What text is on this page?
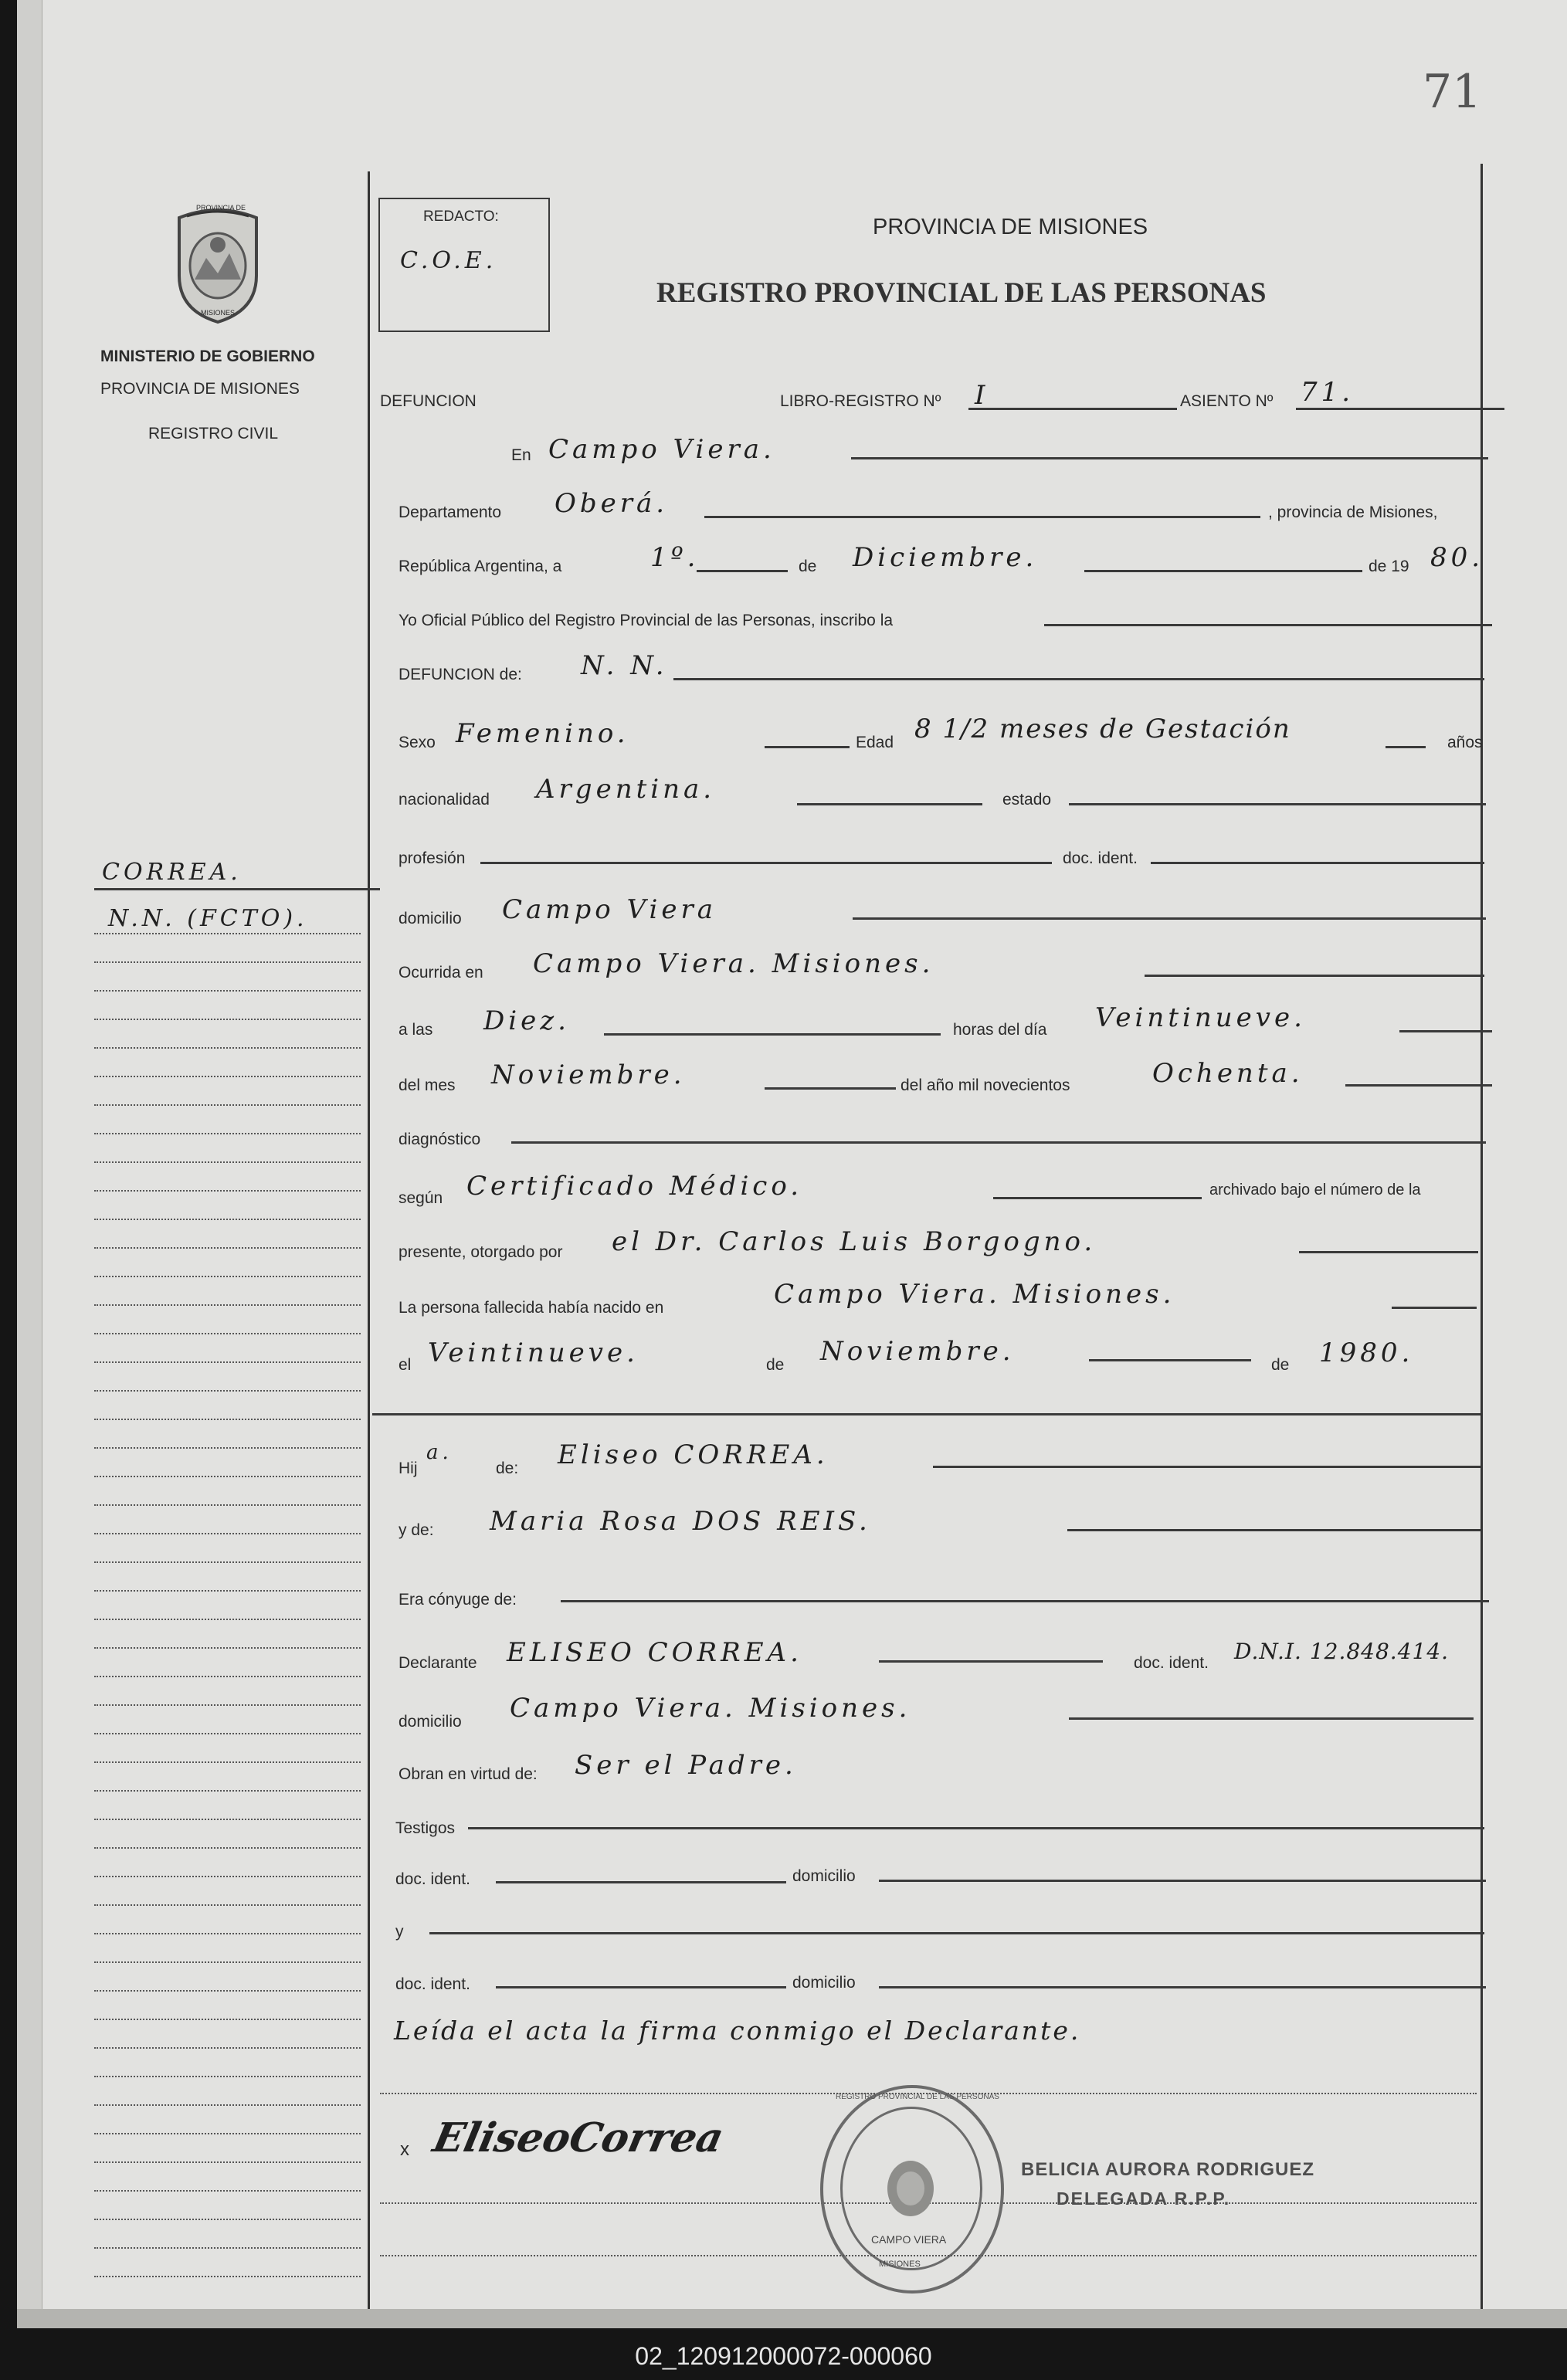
71
REDACTO:
C.O.E.
PROVINCIA DE MISIONES
REGISTRO PROVINCIAL DE LAS PERSONAS
PROVINCIA DE
MISIONES
MINISTERIO DE GOBIERNO
PROVINCIA DE MISIONES
REGISTRO CIVIL
CORREA.
N.N. (FCTO).
DEFUNCION	LIBRO-REGISTRO Nº I	ASIENTO Nº 71.
En Campo Viera.
Departamento Oberá.	, provincia de Misiones,
República Argentina, a	1º.	de Diciembre.	de 19 80.
Yo Oficial Público del Registro Provincial de las Personas, inscribo la
DEFUNCION de: N. N.
Sexo Femenino.	Edad 8 1/2 meses de Gestación	años
nacionalidad Argentina.	estado
profesión	doc. ident.
domicilio Campo Viera
Ocurrida en Campo Viera. Misiones.
a las Diez.	horas del día Veintinueve.
del mes Noviembre.	del año mil novecientos	Ochenta.
diagnóstico
según Certificado Médico.	archivado bajo el número de la
presente, otorgado por el Dr. Carlos Luis Borgogno.
La persona fallecida había nacido en	Campo Viera. Misiones.
el Veintinueve.	de Noviembre.	de 1980.
Hij
a.
de: Eliseo CORREA.
y de: Maria Rosa DOS REIS.
Era cónyuge de:
Declarante ELISEO CORREA.	doc. ident. D.N.I. 12.848.414.
domicilio Campo Viera. Misiones.
Obran en virtud de: Ser el Padre.
Testigos
doc. ident.	domicilio
y
doc. ident.	domicilio
Leída el acta la firma conmigo el Declarante.
x EliseoCorrea
REGISTRO PROVINCIAL DE LAS PERSONAS
CAMPO VIERA
MISIONES
BELICIA AURORA RODRIGUEZ
DELEGADA R.P.P.
02_120912000072-000060
